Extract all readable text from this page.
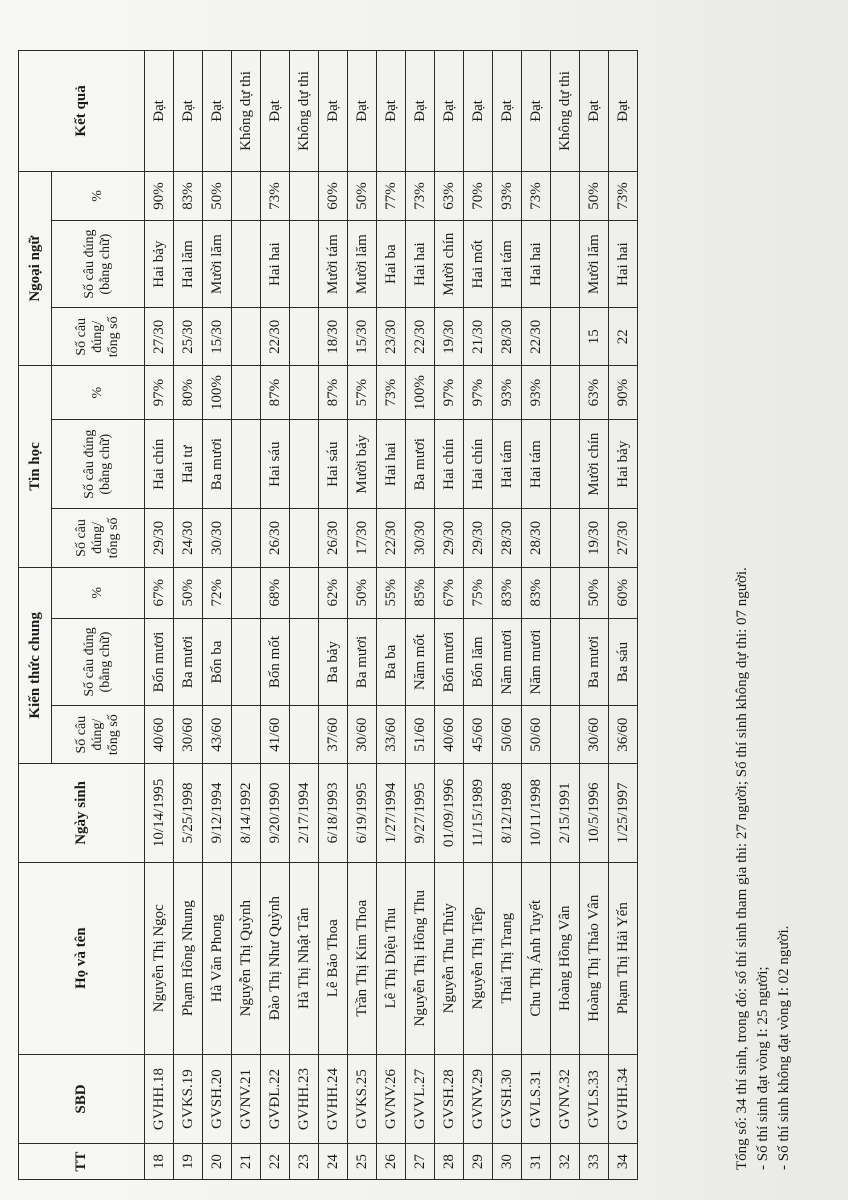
TT	SBD	Họ và tên	Ngày sinh	Kiến thức chung			Tin học			Ngoại ngữ			Kết quả
				Số câu đúng/ tổng số	Số câu đúng (bằng chữ)	%	Số câu đúng/ tổng số	Số câu đúng (bằng chữ)	%	Số câu đúng/ tổng số	Số câu đúng (bằng chữ)	%	
18	GVHH.18	Nguyễn Thị Ngọc	10/14/1995	40/60	Bốn mươi	67%	29/30	Hai chín	97%	27/30	Hai bảy	90%	Đạt
19	GVKS.19	Phạm Hồng Nhung	5/25/1998	30/60	Ba mươi	50%	24/30	Hai tư	80%	25/30	Hai lăm	83%	Đạt
20	GVSH.20	Hà Văn Phong	9/12/1994	43/60	Bốn ba	72%	30/30	Ba mươi	100%	15/30	Mười lăm	50%	Đạt
21	GVNV.21	Nguyễn Thị Quỳnh	8/14/1992										Không dự thi
22	GVĐL.22	Đào Thị Như Quỳnh	9/20/1990	41/60	Bốn mốt	68%	26/30	Hai sáu	87%	22/30	Hai hai	73%	Đạt
23	GVHH.23	Hà Thị Nhật Tân	2/17/1994										Không dự thi
24	GVHH.24	Lê Bảo Thoa	6/18/1993	37/60	Ba bảy	62%	26/30	Hai sáu	87%	18/30	Mười tám	60%	Đạt
25	GVKS.25	Trần Thị Kim Thoa	6/19/1995	30/60	Ba mươi	50%	17/30	Mười bảy	57%	15/30	Mười lăm	50%	Đạt
26	GVNV.26	Lê Thị Diệu Thu	1/27/1994	33/60	Ba ba	55%	22/30	Hai hai	73%	23/30	Hai ba	77%	Đạt
27	GVVL.27	Nguyễn Thị Hồng Thu	9/27/1995	51/60	Năm mốt	85%	30/30	Ba mươi	100%	22/30	Hai hai	73%	Đạt
28	GVSH.28	Nguyễn Thu Thủy	01/09/1996	40/60	Bốn mươi	67%	29/30	Hai chín	97%	19/30	Mười chín	63%	Đạt
29	GVNV.29	Nguyễn Thị Tiếp	11/15/1989	45/60	Bốn lăm	75%	29/30	Hai chín	97%	21/30	Hai mốt	70%	Đạt
30	GVSH.30	Thái Thị Trang	8/12/1998	50/60	Năm mươi	83%	28/30	Hai tám	93%	28/30	Hai tám	93%	Đạt
31	GVLS.31	Chu Thị Ánh Tuyết	10/11/1998	50/60	Năm mươi	83%	28/30	Hai tám	93%	22/30	Hai hai	73%	Đạt
32	GVNV.32	Hoàng Hồng Vân	2/15/1991										Không dự thi
33	GVLS.33	Hoàng Thị Thảo Vân	10/5/1996	30/60	Ba mươi	50%	19/30	Mười chín	63%	15	Mười lăm	50%	Đạt
34	GVHH.34	Phạm Thị Hải Yến	1/25/1997	36/60	Ba sáu	60%	27/30	Hai bảy	90%	22	Hai hai	73%	Đạt
Tổng số: 34 thí sinh, trong đó: số thí sinh tham gia thi: 27 người; Số thí sinh không dự thi: 07 người. - Số thí sinh đạt vòng I: 25 người; - Số thí sinh không đạt vòng I: 02 người.
